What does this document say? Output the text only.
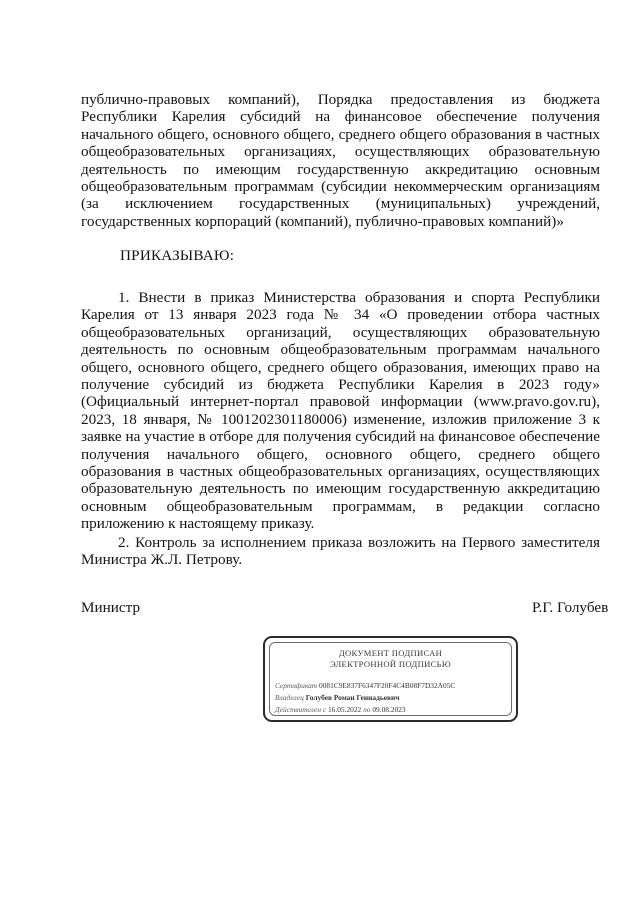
публично-правовых компаний), Порядка предоставления из бюджета
Республики Карелия субсидий на финансовое обеспечение получения
начального общего, основного общего, среднего общего образования в частных
общеобразовательных организациях, осуществляющих образовательную
деятельность по имеющим государственную аккредитацию основным
общеобразовательным программам (субсидии некоммерческим организациям
(за исключением государственных (муниципальных) учреждений,
государственных корпораций (компаний), публично-правовых компаний)»
ПРИКАЗЫВАЮ:
1. Внести в приказ Министерства образования и спорта Республики
Карелия от 13 января 2023 года № 34 «О проведении отбора частных
общеобразовательных организаций, осуществляющих образовательную
деятельность по основным общеобразовательным программам начального
общего, основного общего, среднего общего образования, имеющих право на
получение субсидий из бюджета Республики Карелия в 2023 году»
(Официальный интернет-портал правовой информации (www.pravo.gov.ru),
2023, 18 января, № 1001202301180006) изменение, изложив приложение 3 к
заявке на участие в отборе для получения субсидий на финансовое обеспечение
получения начального общего, основного общего, среднего общего
образования в частных общеобразовательных организациях, осуществляющих
образовательную деятельность по имеющим государственную аккредитацию
основным общеобразовательным программам, в редакции согласно
приложению к настоящему приказу.
2. Контроль за исполнением приказа возложить на Первого заместителя
Министра Ж.Л. Петрову.
Министр	Р.Г. Голубев
ДОКУМЕНТ ПОДПИСАН
ЭЛЕКТРОННОЙ ПОДПИСЬЮ
Сертификат 0081C9E837F6347F20F4C4B08F7D32A05C
Владелец Голубев Роман Геннадьевич
Действителен с 16.05.2022 по 09.08.2023
